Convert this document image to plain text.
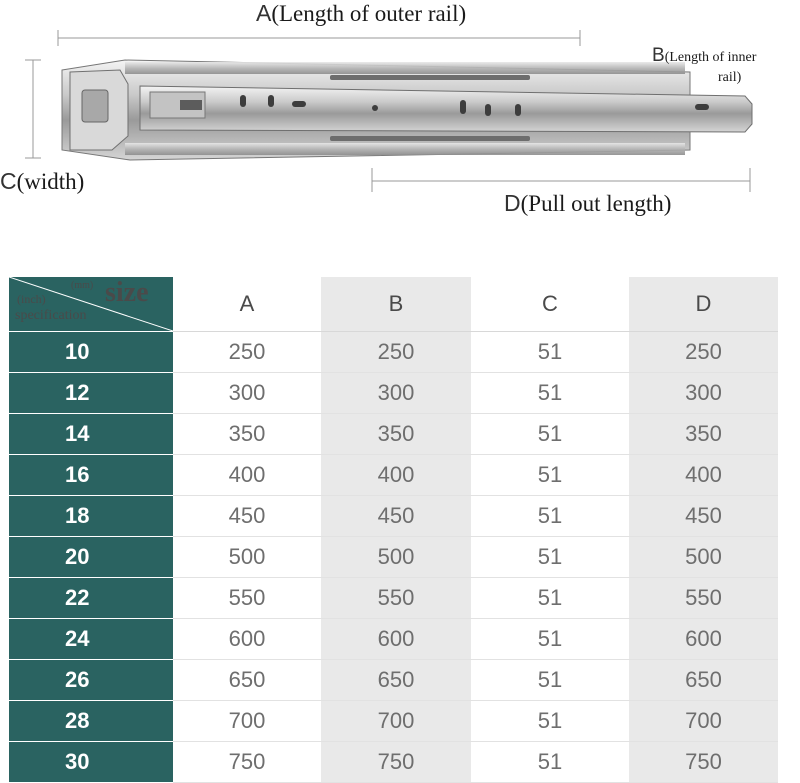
A(Length of outer rail)
B(Length of inner
rail)
C(width)
D(Pull out length)
(mm) size
(inch)
specification	A	B	C	D
10	250	250	51	250
12	300	300	51	300
14	350	350	51	350
16	400	400	51	400
18	450	450	51	450
20	500	500	51	500
22	550	550	51	550
24	600	600	51	600
26	650	650	51	650
28	700	700	51	700
30	750	750	51	750
